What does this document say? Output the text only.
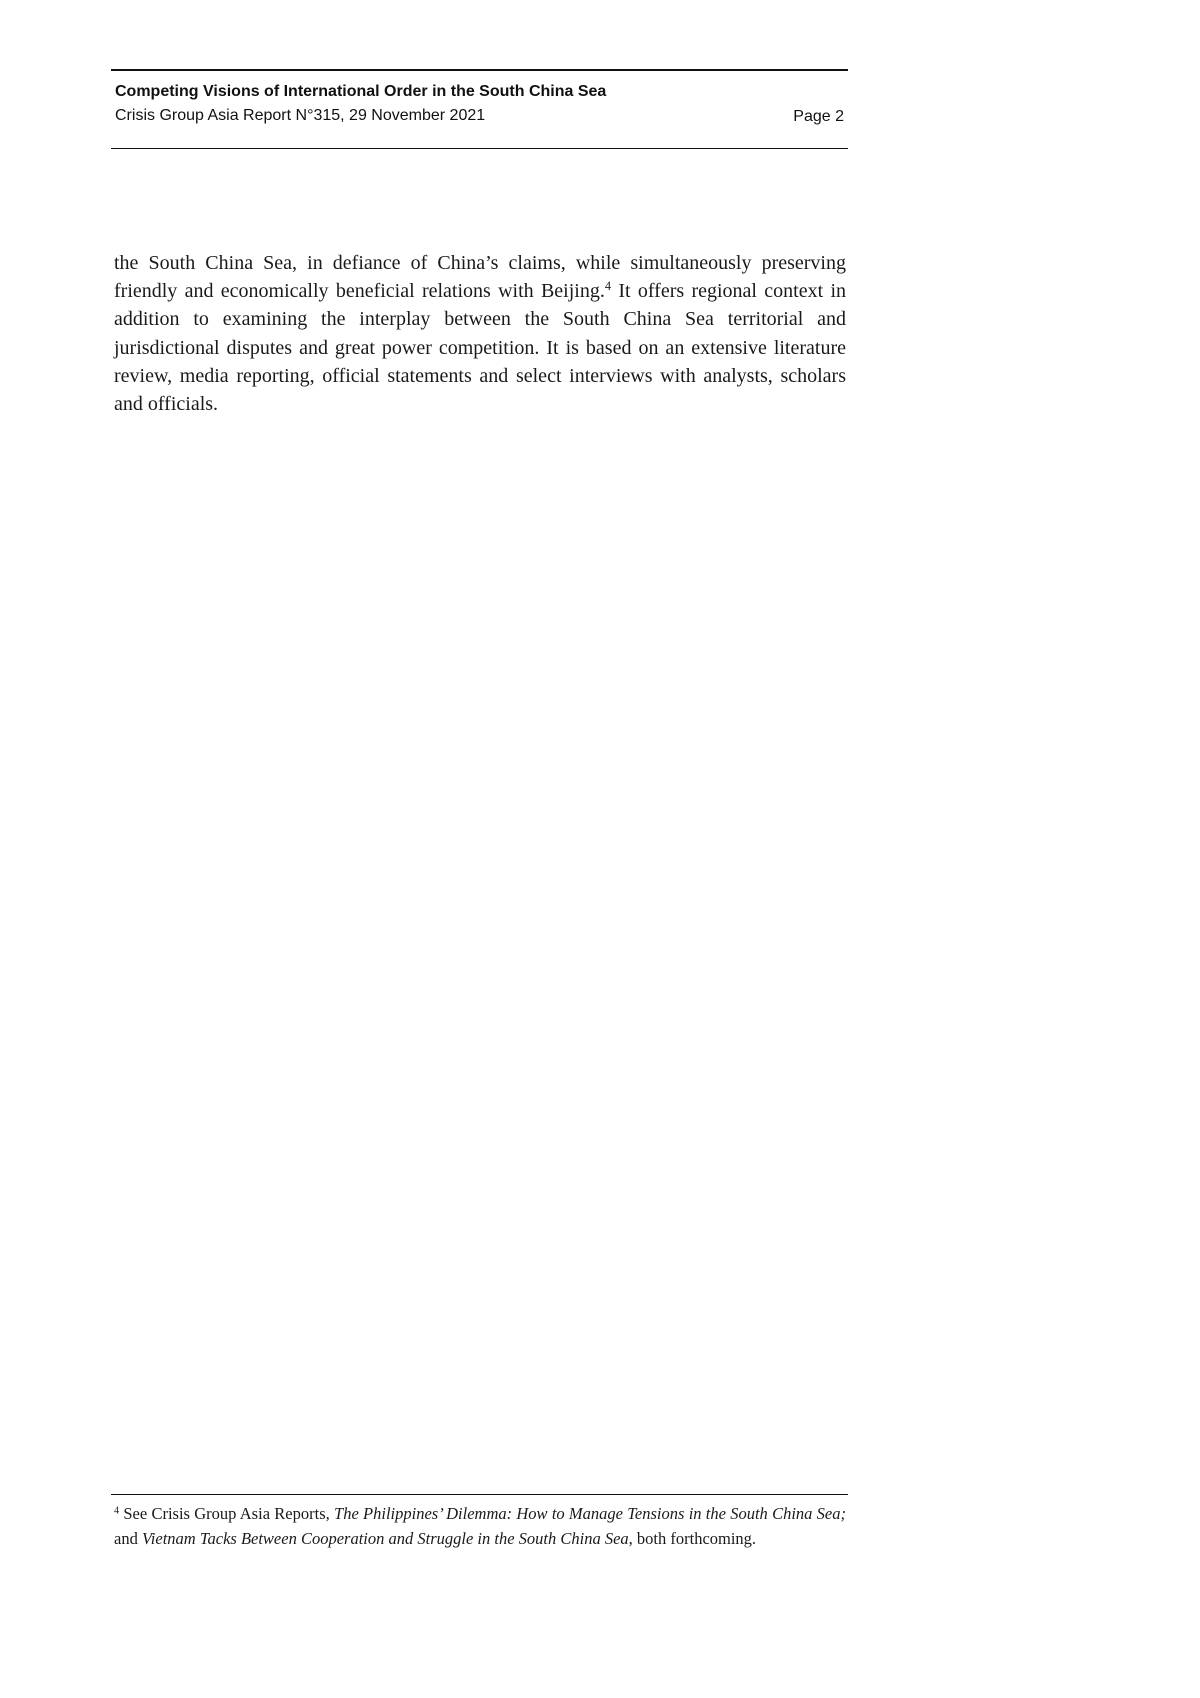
Competing Visions of International Order in the South China Sea
Crisis Group Asia Report N°315, 29 November 2021	Page 2

the South China Sea, in defiance of China’s claims, while simultaneously preserving friendly and economically beneficial relations with Beijing.$^4$ It offers regional context in addition to examining the interplay between the South China Sea territorial and jurisdictional disputes and great power competition. It is based on an extensive literature review, media reporting, official statements and select interviews with analysts, scholars and officials.

$^4$ See Crisis Group Asia Reports, The Philippines’ Dilemma: How to Manage Tensions in the South China Sea; and Vietnam Tacks Between Cooperation and Struggle in the South China Sea, both forthcoming.
